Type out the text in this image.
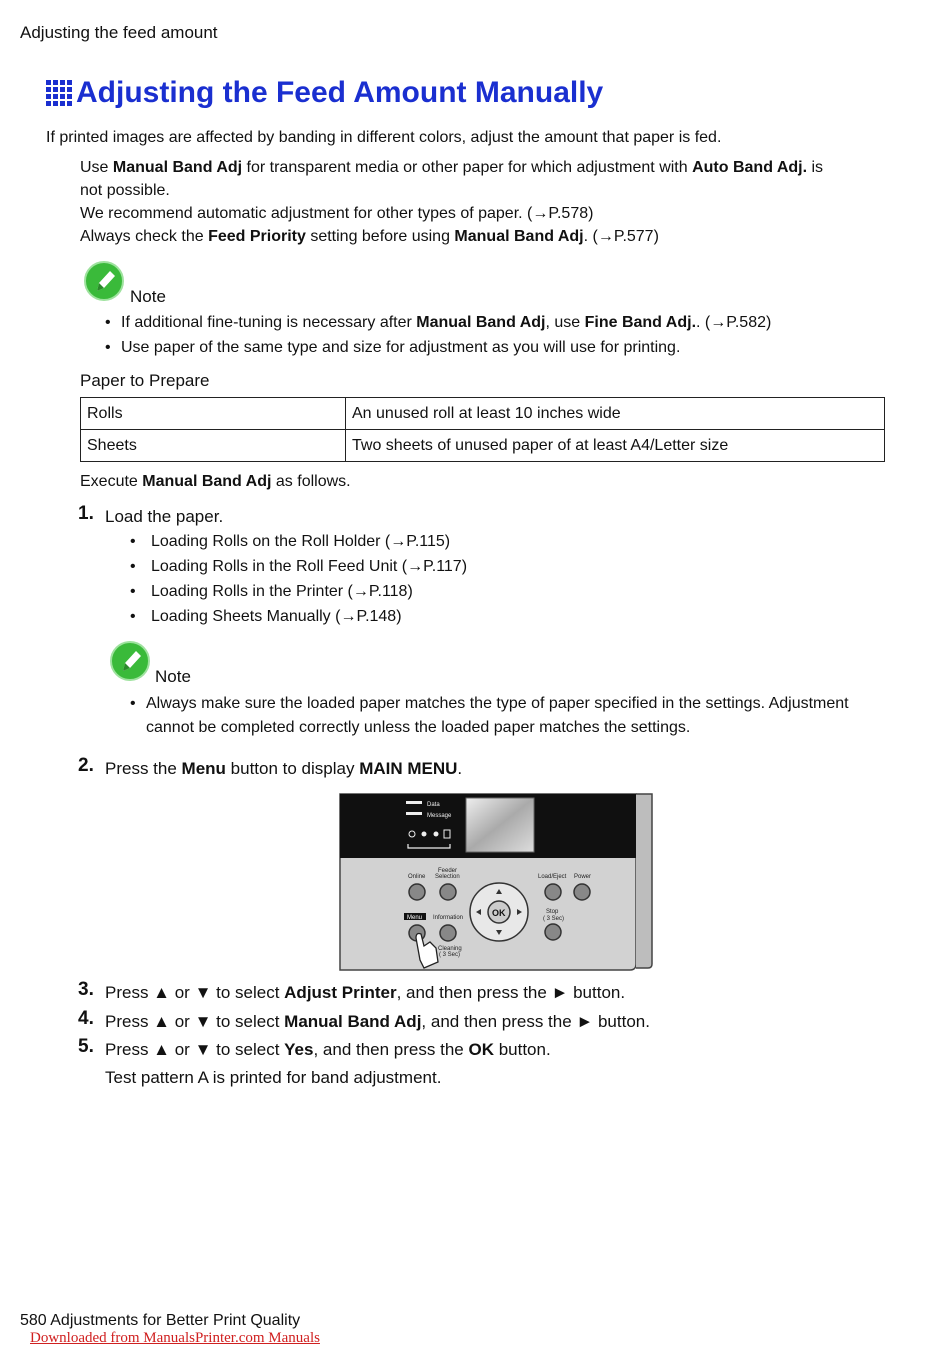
Adjusting the feed amount
Adjusting the Feed Amount Manually
If printed images are affected by banding in different colors, adjust the amount that paper is fed.
Use Manual Band Adj for transparent media or other paper for which adjustment with Auto Band Adj. is
not possible.
We recommend automatic adjustment for other types of paper. (→P.578)
Always check the Feed Priority setting before using Manual Band Adj. (→P.577)
Note
• If additional fine-tuning is necessary after Manual Band Adj, use Fine Band Adj.. (→P.582)
• Use paper of the same type and size for adjustment as you will use for printing.
Paper to Prepare
Rolls	An unused roll at least 10 inches wide
Sheets	Two sheets of unused paper of at least A4/Letter size
Execute Manual Band Adj as follows.
1. Load the paper.
• Loading Rolls on the Roll Holder (→P.115)
• Loading Rolls in the Roll Feed Unit (→P.117)
• Loading Rolls in the Printer (→P.118)
• Loading Sheets Manually (→P.148)
Note
• Always make sure the loaded paper matches the type of paper specified in the settings. Adjustment
cannot be completed correctly unless the loaded paper matches the settings.
2. Press the Menu button to display MAIN MENU.
Data
Message
Online
Feeder
Selection	Load/Eject Power
Information
Stop
( 3 Sec)
Cleaning
( 3 Sec)
Menu	OK
3. Press ▲ or ▼ to select Adjust Printer, and then press the ► button.
4. Press ▲ or ▼ to select Manual Band Adj, and then press the ► button.
5. Press ▲ or ▼ to select Yes, and then press the OK button.
Test pattern A is printed for band adjustment.
580 Adjustments for Better Print Quality
Downloaded from ManualsPrinter.com Manuals
